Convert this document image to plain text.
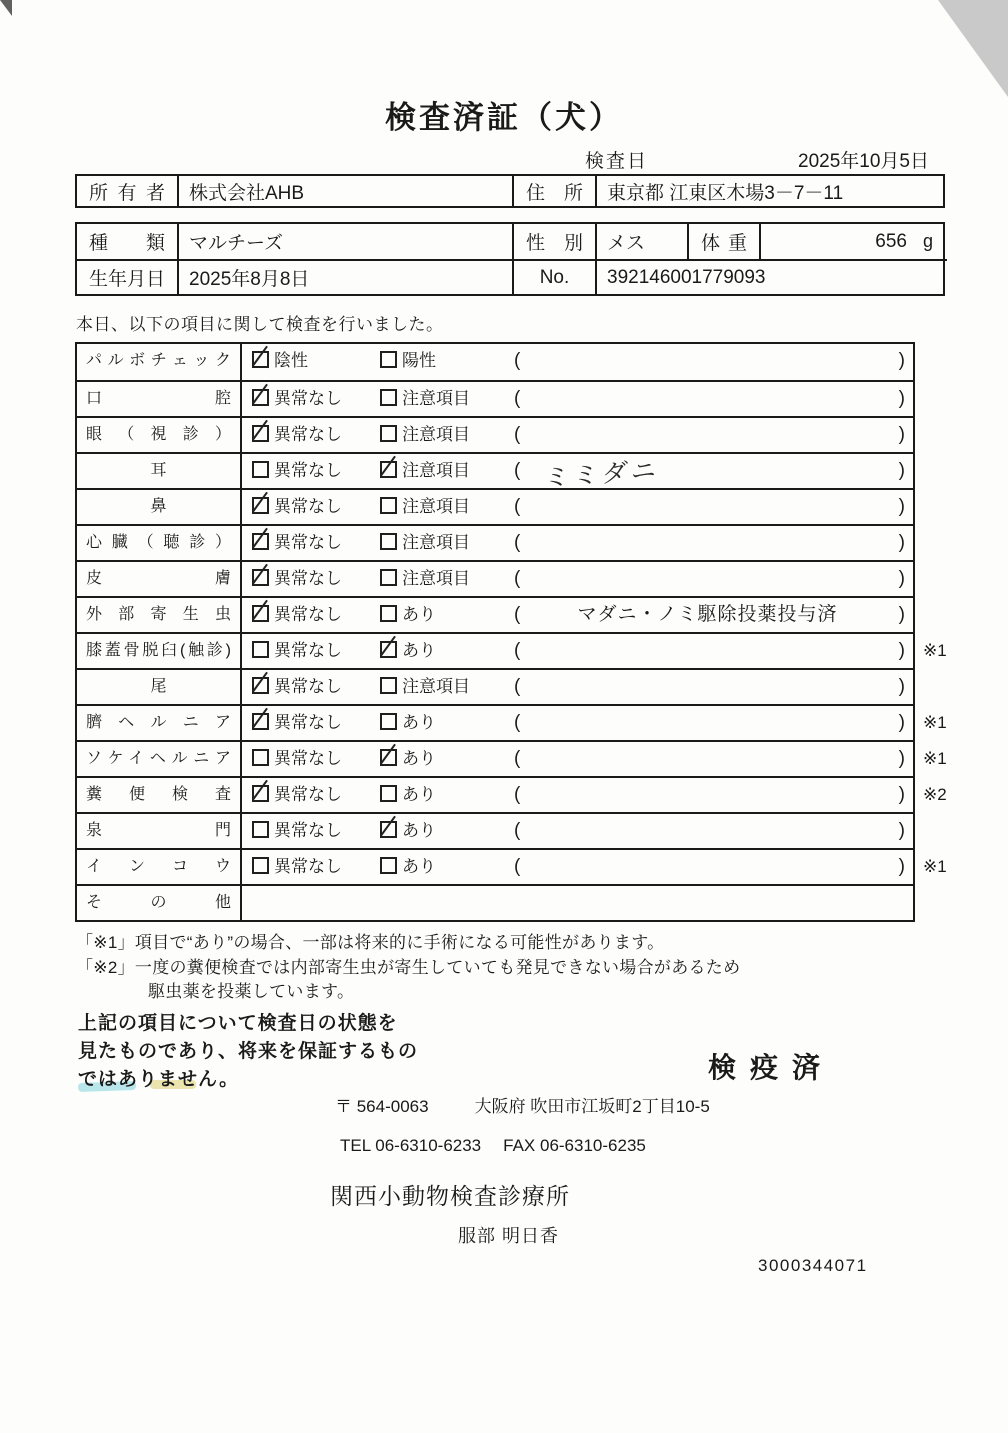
検査済証（犬）
検査日	2025年10月5日
所有者	株式会社AHB	住所	東京都 江東区木場3－7－11
種類	マルチーズ	性別	メス	体重	656 g
生年月日	2025年8月8日	No.	392146001779093
本日、以下の項目に関して検査を行いました。
パルボチェック	陰性	陽性	(	)
口腔	異常なし	注意項目 (	)
眼（視診）	異常なし	注意項目 (	)
耳	異常なし	注意項目 ( ミミダニ	)
鼻	異常なし	注意項目 (	)
心臓（聴診）	異常なし	注意項目 (	)
皮膚	異常なし	注意項目 (	)
外部寄生虫	異常なし	あり	(	マダニ・ノミ駆除投薬投与済	)
膝蓋骨脱臼(触診)	異常なし	あり	(	) ※1
尾	異常なし	注意項目 (	)
臍ヘルニア	異常なし	あり	(	) ※1
ソケイヘルニア	異常なし	あり	(	) ※1
糞便検査	異常なし	あり	(	) ※2
泉門	異常なし	あり	(	)
インコウ	異常なし	あり	(	) ※1
その他
「※1」項目で“あり”の場合、一部は将来的に手術になる可能性があります。
「※2」一度の糞便検査では内部寄生虫が寄生していても発見できない場合があるため
駆虫薬を投薬しています。
上記の項目について検査日の状態を
見たものであり、将来を保証するもの
ではありません。	検疫済
〒 564-0063	大阪府 吹田市江坂町2丁目10-5
TEL 06-6310-6233 FAX 06-6310-6235
関西小動物検査診療所
服部 明日香
3000344071
